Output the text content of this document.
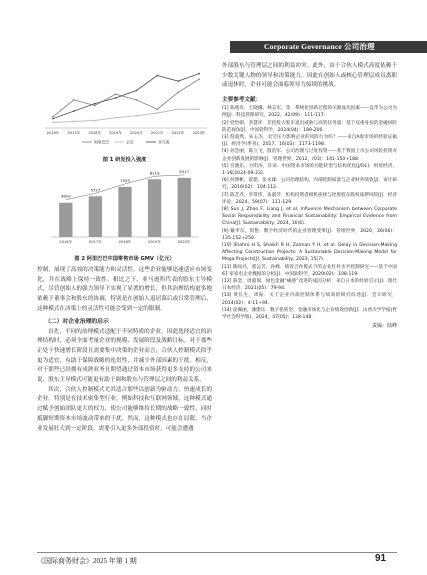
Corporate Governance 公司治理
2016年 2017年 2018年 2019年 2020年 2021年 2022年 2023年
阿里巴巴	京东	亚马逊
图 1 研发投入强度
4820
2016年
5727
2017年
7053
2018年
8119
2019年
8317
2020年
图 2 阿里巴巴中国零售市场 GMV（亿元）

控制，展现了高效的决策能力和灵活性。这些企业能够迅速适应市场变化，并在战略上保持一致性。相比之下，亚马逊所代表的股东主导模式，尽管创始人的强力领导下实现了显著的增长，但其治理结构更多地依赖于董事会和股东的协调，特别是在创始人退居幕后或日常管理后，这种模式在决策上的灵活性可能会受到一定的限制。

（二）对企业治理的启示

首先，不同的治理模式适配于不同特质的企业，因此选择适宜的治理结构时，必须全面考量企业的规模、发展阶段及战略目标。对于那些正处于快速增长阶段且需要集中决策的企业而言，合伙人控制模式似乎更为适宜，有助于保障战略的连贯性，并减少外部因素的干扰。相反，对于那些已经拥有成熟业务且期望通过资本市场获得更多支持的公司来说，股东主导模式可能更有助于调和股东与管理层之间的利益关系。

其次，合伙人控制模式尤其适合那些以创新为驱动力、快速成长的企业。特别是在技术密集型行业，例如科技和互联网领域，这种模式通过赋予创始团队更大的权力，使公司能够维持长期的战略一致性，同时抵御短期资本市场波动带来的干扰。然而，这种模式也存在局限，当企业发展壮大到一定阶段，需要引入更多外部投资时，可能会遭遇

外部股东与管理层之间的利益冲突。此外，由于合伙人模式高度依赖于少数关键人物的领导和决策能力，因此在创始人或核心管理层成员离职或退休时，企业可能会面临领导力接续的挑战。

主要参考文献：

[1] 陈燕舟，王晓娥，林志军，等．系统化创新过程的关键成功因素——以华为公司为例[J]．科技管理研究，2022，42(09)：111-117.

[2] 党怡朝，李慧祥．非控股大股东退出威胁与高管任务量：基于双重身份的金融风险防范视角[J]．中国软科学，2024(04)：189-200.

[3] 倪骁然，朱玉杰．卖空压力影响企业的风险行为吗？——来自A股市场的经验证据[J]．经济学(季刊)，2017，16(03)：1173-1198.

[4] 孙会丽，陈立飞，殷治军．公司治理与过度投资——基于我国上市公司风险投资对企业创新发展的影响[J]．管理世界，2012，(03)：141-150+188.

[5] 宫晓东，方明涛，许录．中国资本市场的功能转型与结构优化[J/OL]．财贸经济，1-16[2024-09-23].

[6] 何博彬，翟珺，张永雄．公司治理结构、内部控制质量与企业财务绩效[J]．审计研究，2016(02)：104-112.

[7] 陈艺齐，罗常伟，朱淑芳．机构投资者相机抉择与控股股东股权质押风险[J]．经济评论，2024，59(07)：111-129.

[8] Sun J, Zhao F, Liang J, et al. Influence Mechanism between Corporate Social Responsibility and Financial Sustainability: Empirical Evidence from China[J]. Sustainability, 2024, 16(6).

[9] 戴孝东，周艳．数字经济时代的企业管理变革[J]．管理世界，2020，36(06)：135-152+250.

[10] Shahro H S, Shaikh R H, Zaiman Y H, et al. Delay in Decision-Making Affecting Construction Projects: A Sustainable Decision-Making Model for Mega Projects[J]. Sustainability, 2023, 15(7).

[11] 陶凤丹，郭运芳，孙峰．绩效合作模式下的企业杠杆水平控制研究——基于中国 67 家家电企业数据的分析[J]．中国软科学，2020(02)：108-119.

[12] 陈金，周淑瑞．绿色金融“痛感”改进的成因分析：来自日本的经验启示[J]．现代日本经济，2021(05)：79-94.

[13] 黄长生，周振．关于企业内部控制体系与绩效的研究综述[J]．会计研究，2014(02)：4-11+94.

[14] 庞佩丽，潘建钰．数字化转型、金融市场化与企业绩效创新[J]．山西大学学报(哲学社会科学版)，2024，47(05)：138-148.

责编：陆峰
《国际商务财会》2025 年第 1 期	91
